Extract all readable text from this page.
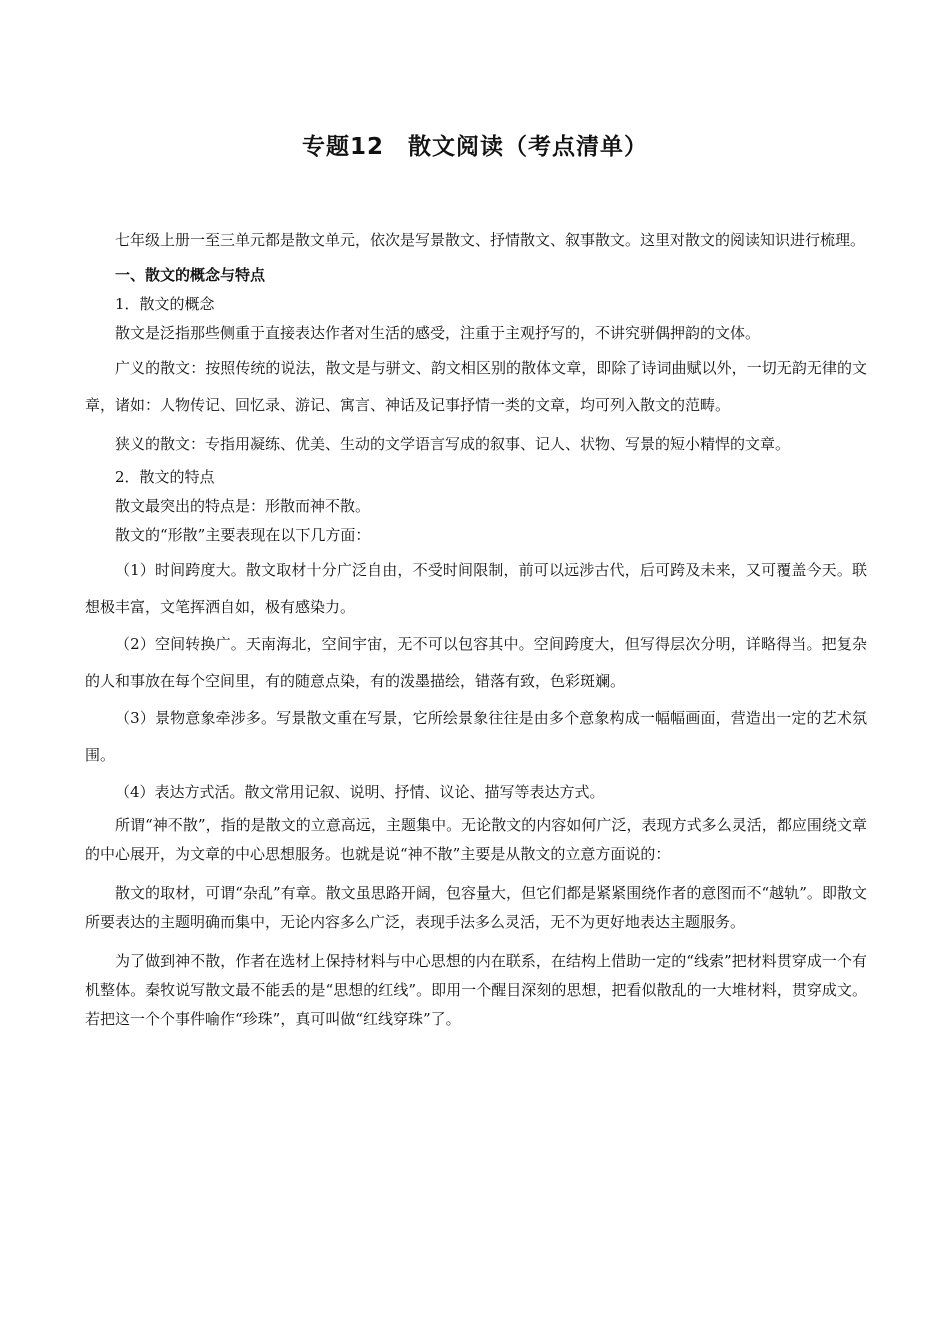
专题12　散文阅读（考点清单）

七年级上册一至三单元都是散文单元，依次是写景散文、抒情散文、叙事散文。这里对散文的阅读知识进行梳理。

一、散文的概念与特点

1．散文的概念

散文是泛指那些侧重于直接表达作者对生活的感受，注重于主观抒写的，不讲究骈偶押韵的文体。

广义的散文：按照传统的说法，散文是与骈文、韵文相区别的散体文章，即除了诗词曲赋以外，一切无韵无律的文章，诸如：人物传记、回忆录、游记、寓言、神话及记事抒情一类的文章，均可列入散文的范畴。

狭义的散文：专指用凝练、优美、生动的文学语言写成的叙事、记人、状物、写景的短小精悍的文章。

2．散文的特点

散文最突出的特点是：形散而神不散。

散文的“形散”主要表现在以下几方面：

（1）时间跨度大。散文取材十分广泛自由，不受时间限制，前可以远涉古代，后可跨及未来，又可覆盖今天。联想极丰富，文笔挥洒自如，极有感染力。

（2）空间转换广。天南海北，空间宇宙，无不可以包容其中。空间跨度大，但写得层次分明，详略得当。把复杂的人和事放在每个空间里，有的随意点染，有的泼墨描绘，错落有致，色彩斑斓。

（3）景物意象牵涉多。写景散文重在写景，它所绘景象往往是由多个意象构成一幅幅画面，营造出一定的艺术氛围。

（4）表达方式活。散文常用记叙、说明、抒情、议论、描写等表达方式。

所谓“神不散”，指的是散文的立意高远，主题集中。无论散文的内容如何广泛，表现方式多么灵活，都应围绕文章的中心展开，为文章的中心思想服务。也就是说“神不散”主要是从散文的立意方面说的：

散文的取材，可谓“杂乱”有章。散文虽思路开阔，包容量大，但它们都是紧紧围绕作者的意图而不“越轨”。即散文所要表达的主题明确而集中，无论内容多么广泛，表现手法多么灵活，无不为更好地表达主题服务。

为了做到神不散，作者在选材上保持材料与中心思想的内在联系，在结构上借助一定的“线索”把材料贯穿成一个有机整体。秦牧说写散文最不能丢的是“思想的红线”。即用一个醒目深刻的思想，把看似散乱的一大堆材料，贯穿成文。若把这一个个事件喻作“珍珠”，真可叫做“红线穿珠”了。
